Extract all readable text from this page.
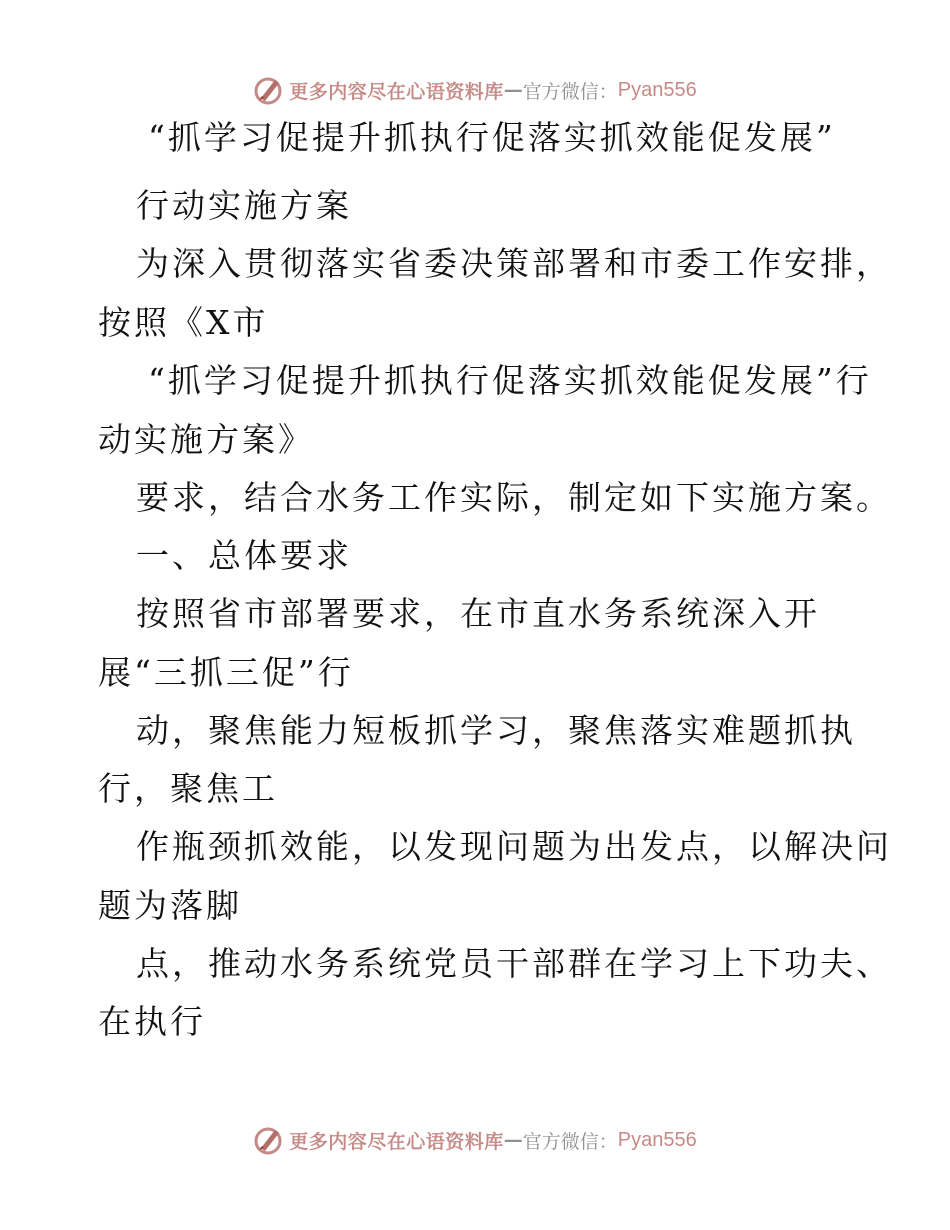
更多内容尽在心语资料库 — 官方微信： Pyan556
“抓学习促提升抓执行促落实抓效能促发展”
行动实施方案
为深入贯彻落实省委决策部署和市委工作安排，
按照《X市
“抓学习促提升抓执行促落实抓效能促发展”行
动实施方案》
要求，结合水务工作实际，制定如下实施方案。
一、总体要求
按照省市部署要求，在市直水务系统深入开
展“三抓三促”行
动，聚焦能力短板抓学习，聚焦落实难题抓执
行，聚焦工
作瓶颈抓效能，以发现问题为出发点，以解决问
题为落脚
点，推动水务系统党员干部群在学习上下功夫、
在执行
更多内容尽在心语资料库 — 官方微信： Pyan556
